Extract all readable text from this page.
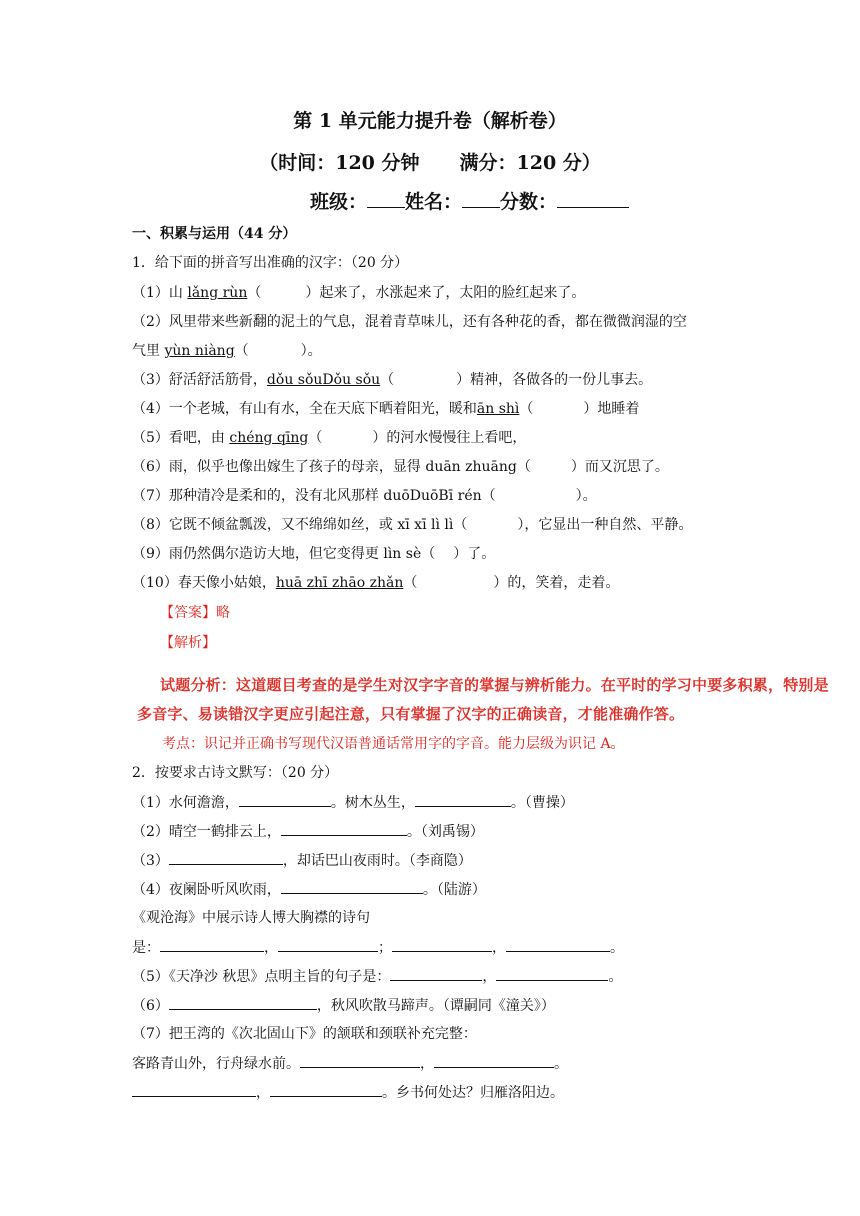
第 1 单元能力提升卷（解析卷）
（时间：120 分钟 满分：120 分）
班级： 姓名： 分数：
一、积累与运用（44 分）
1．给下面的拼音写出准确的汉字：（20 分）
（1）山 lǎng rùn（	）起来了，水涨起来了，太阳的脸红起来了。
（2）风里带来些新翻的泥土的气息，混着青草味儿，还有各种花的香，都在微微润湿的空
气里 yùn niàng（	）。
（3）舒活舒活筋骨，dǒu sǒuDǒu sǒu（	）精神，各做各的一份儿事去。
（4）一个老城，有山有水，全在天底下晒着阳光，暖和ān shì（	）地睡着
（5）看吧，由 chéng qīng（	）的河水慢慢往上看吧，
（6）雨，似乎也像出嫁生了孩子的母亲，显得 duān zhuāng（	）而又沉思了。
（7）那种清冷是柔和的，没有北风那样 duōDuōBī rén（	）。
（8）它既不倾盆瓢泼，又不绵绵如丝，或 xī xī lì lì（	），它显出一种自然、平静。
（9）雨仍然偶尔造访大地，但它变得更 lìn sè（ ）了。
（10）春天像小姑娘，huā zhī zhāo zhǎn（	）的，笑着，走着。
【答案】略
【解析】
试题分析：这道题目考查的是学生对汉字字音的掌握与辨析能力。在平时的学习中要多积累，特别是
多音字、易读错汉字更应引起注意，只有掌握了汉字的正确读音，才能准确作答。
考点：识记并正确书写现代汉语普通话常用字的字音。能力层级为识记 A。
2．按要求古诗文默写：（20 分）
（1）水何澹澹，	。树木丛生，	。（曹操）
（2）晴空一鹤排云上，	。（刘禹锡）
（3）	，却话巴山夜雨时。（李商隐）
（4）夜阑卧听风吹雨，	。（陆游）
《观沧海》中展示诗人博大胸襟的诗句
是：	，	；	，	。
（5）《天净沙 秋思》点明主旨的句子是：	，	。
（6）	，秋风吹散马蹄声。（谭嗣同《潼关》）
（7）把王湾的《次北固山下》的颔联和颈联补充完整：
客路青山外，行舟绿水前。	，	。
，	。乡书何处达？归雁洛阳边。
